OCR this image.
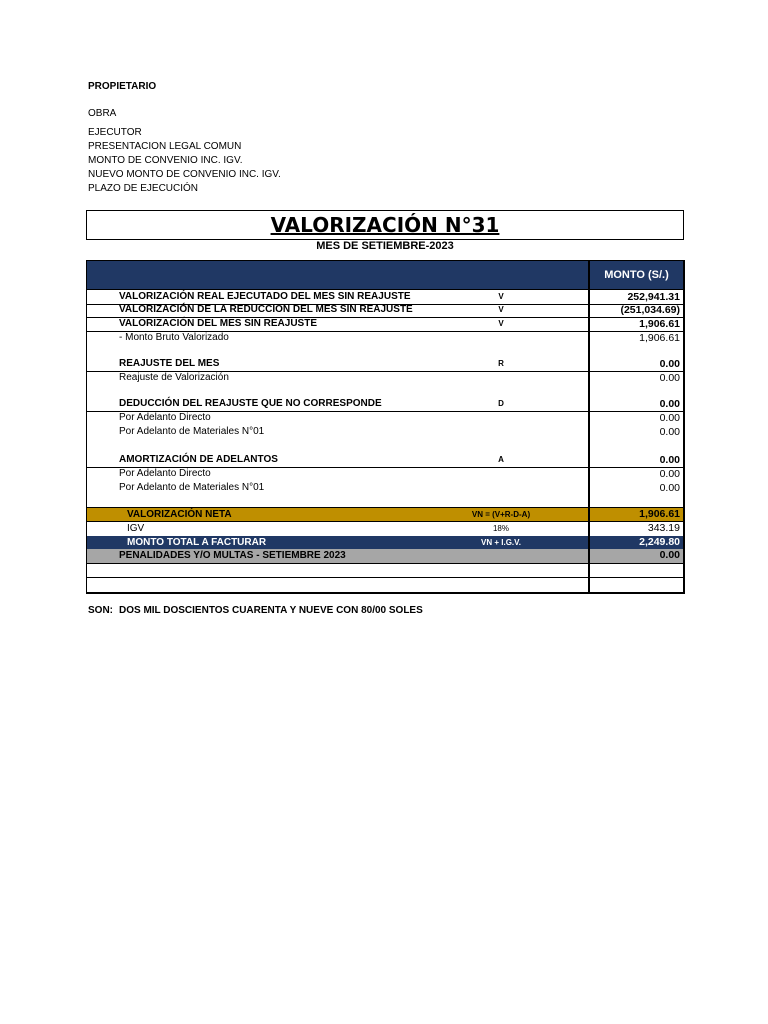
PROPIETARIO
OBRA
EJECUTOR
PRESENTACION LEGAL COMUN
MONTO DE CONVENIO INC. IGV.
NUEVO MONTO DE CONVENIO INC. IGV.
PLAZO DE EJECUCIÓN
VALORIZACIÓN N°31
MES DE SETIEMBRE-2023
MONTO (S/.)
VALORIZACIÓN REAL EJECUTADO DEL MES SIN REAJUSTE	V	252,941.31
VALORIZACIÓN DE LA REDUCCION DEL MES SIN REAJUSTE	V	(251,034.69)
VALORIZACIÓN DEL MES SIN REAJUSTE	V	1,906.61
- Monto Bruto Valorizado	1,906.61
REAJUSTE DEL MES	R	0.00
Reajuste de Valorización	0.00
DEDUCCIÓN DEL REAJUSTE QUE NO CORRESPONDE	D	0.00
Por Adelanto Directo	0.00
Por Adelanto de Materiales N°01	0.00
AMORTIZACIÓN DE ADELANTOS	A	0.00
Por Adelanto Directo	0.00
Por Adelanto de Materiales N°01	0.00
VALORIZACIÓN NETA	VN = (V+R-D-A)	1,906.61
IGV	18%	343.19
MONTO TOTAL A FACTURAR	VN + I.G.V.	2,249.80
PENALIDADES Y/O MULTAS - SETIEMBRE 2023	0.00
SON: DOS MIL DOSCIENTOS CUARENTA Y NUEVE CON 80/00 SOLES
